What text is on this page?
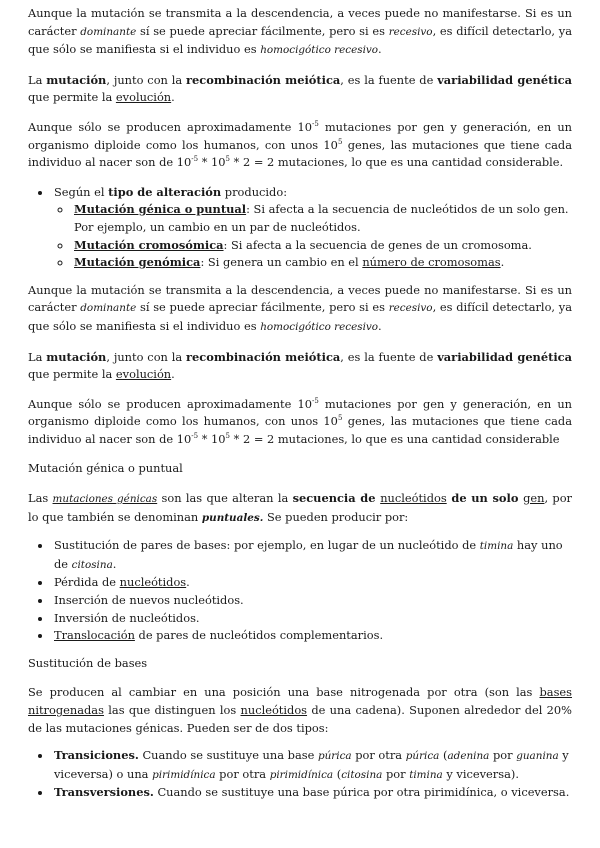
Aunque la mutación se transmita a la descendencia, a veces puede no manifestarse. Si es un carácter dominante sí se puede apreciar fácilmente, pero si es recesivo, es difícil detectarlo, ya que sólo se manifiesta si el individuo es homocigótico recesivo.

La mutación, junto con la recombinación meiótica, es la fuente de variabilidad genética que permite la evolución.

Aunque sólo se producen aproximadamente $10^{-5}$ mutaciones por gen y generación, en un organismo diploide como los humanos, con unos $10^5$ genes, las mutaciones que tiene cada individuo al nacer son de $10^{-5} * 10^5 * 2 = 2$ mutaciones, lo que es una cantidad considerable.

• Según el tipo de alteración producido:
◦ Mutación génica o puntual: Si afecta a la secuencia de nucleótidos de un solo gen. Por ejemplo, un cambio en un par de nucleótidos.
◦ Mutación cromosómica: Si afecta a la secuencia de genes de un cromosoma.
◦ Mutación genómica: Si genera un cambio en el número de cromosomas.

Aunque la mutación se transmita a la descendencia, a veces puede no manifestarse. Si es un carácter dominante sí se puede apreciar fácilmente, pero si es recesivo, es difícil detectarlo, ya que sólo se manifiesta si el individuo es homocigótico recesivo.

La mutación, junto con la recombinación meiótica, es la fuente de variabilidad genética que permite la evolución.

Aunque sólo se producen aproximadamente $10^{-5}$ mutaciones por gen y generación, en un organismo diploide como los humanos, con unos $10^5$ genes, las mutaciones que tiene cada individuo al nacer son de $10^{-5} * 10^5 * 2 = 2$ mutaciones, lo que es una cantidad considerable

Mutación génica o puntual

Las mutaciones génicas son las que alteran la secuencia de nucleótidos de un solo gen, por lo que también se denominan puntuales. Se pueden producir por:

• Sustitución de pares de bases: por ejemplo, en lugar de un nucleótido de timina hay uno de citosina.
• Pérdida de nucleótidos.
• Inserción de nuevos nucleótidos.
• Inversión de nucleótidos.
• Translocación de pares de nucleótidos complementarios.

Sustitución de bases

Se producen al cambiar en una posición una base nitrogenada por otra (son las bases nitrogenadas las que distinguen los nucleótidos de una cadena). Suponen alrededor del 20% de las mutaciones génicas. Pueden ser de dos tipos:

• Transiciones. Cuando se sustituye una base púrica por otra púrica (adenina por guanina y viceversa) o una pirimidínica por otra pirimidínica (citosina por timina y viceversa).
• Transversiones. Cuando se sustituye una base púrica por otra pirimidínica, o viceversa.
